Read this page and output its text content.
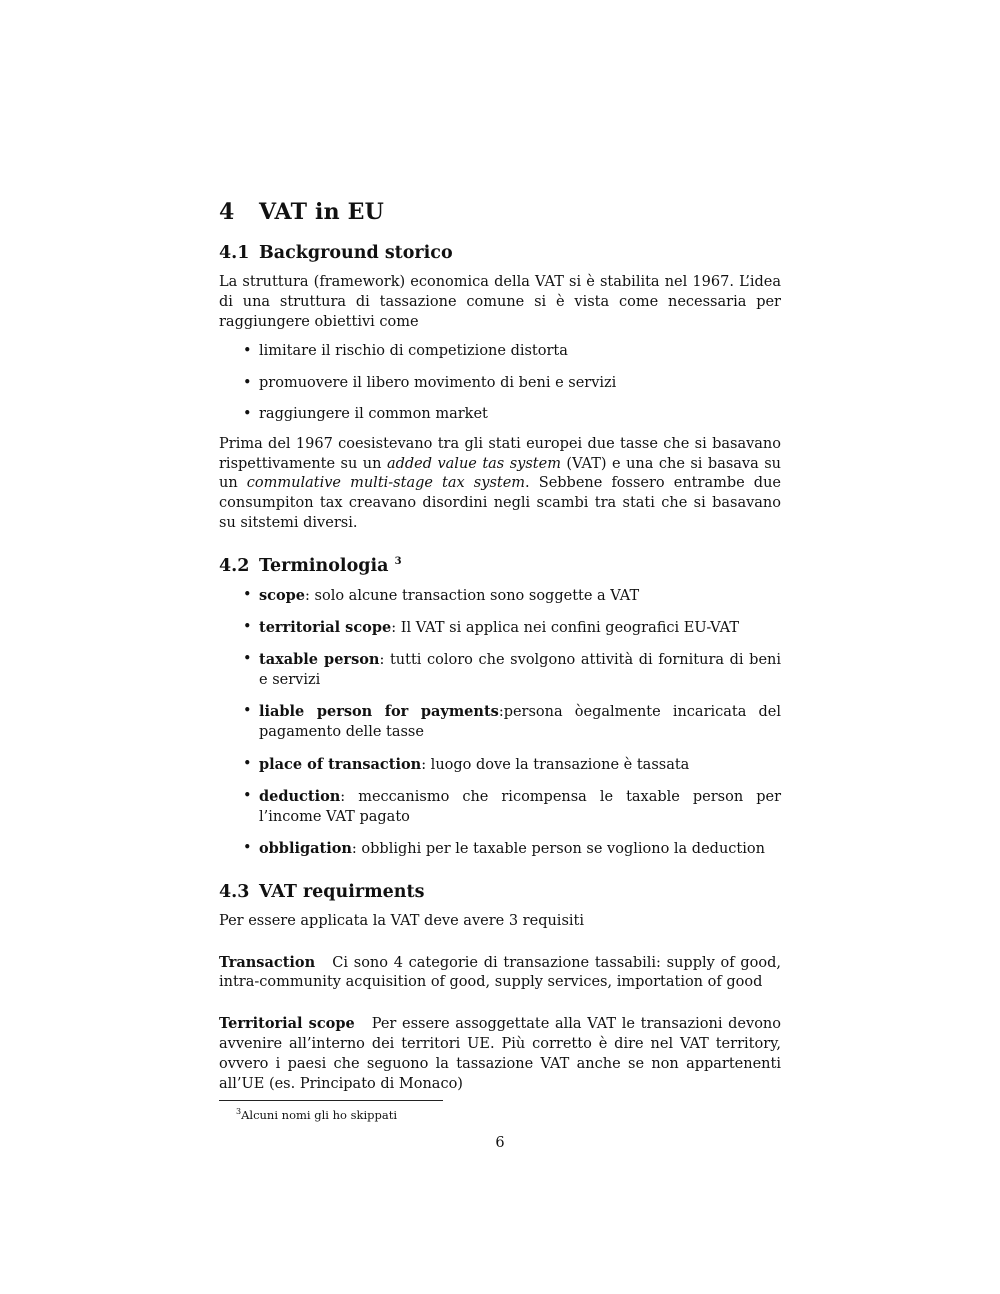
4 VAT in EU
4.1 Background storico

La struttura (framework) economica della VAT si è stabilita nel 1967. L’idea di una struttura di tassazione comune si è vista come necessaria per raggiungere obiettivi come

• limitare il rischio di competizione distorta
• promuovere il libero movimento di beni e servizi
• raggiungere il common market

Prima del 1967 coesistevano tra gli stati europei due tasse che si basavano rispettivamente su un added value tas system (VAT) e una che si basava su un commulative multi-stage tax system. Sebbene fossero entrambe due consumpiton tax creavano disordini negli scambi tra stati che si basavano su sitstemi diversi.

4.2 Terminologia $^3$
• scope: solo alcune transaction sono soggette a VAT
• territorial scope: Il VAT si applica nei confini geografici EU-VAT
• taxable person: tutti coloro che svolgono attività di fornitura di beni e servizi
• liable person for payments:persona òegalmente incaricata del pagamento delle tasse
• place of transaction: luogo dove la transazione è tassata
• deduction: meccanismo che ricompensa le taxable person per l’income VAT pagato
• obbligation: obblighi per le taxable person se vogliono la deduction
4.3 VAT requirments

Per essere applicata la VAT deve avere 3 requisiti

Transaction Ci sono 4 categorie di transazione tassabili: supply of good, intra-community acquisition of good, supply services, importation of good

Territorial scope Per essere assoggettate alla VAT le transazioni devono avvenire all’interno dei territori UE. Più corretto è dire nel VAT territory, ovvero i paesi che seguono la tassazione VAT anche se non appartenenti all’UE (es. Principato di Monaco)

$^3$Alcuni nomi gli ho skippati
6
